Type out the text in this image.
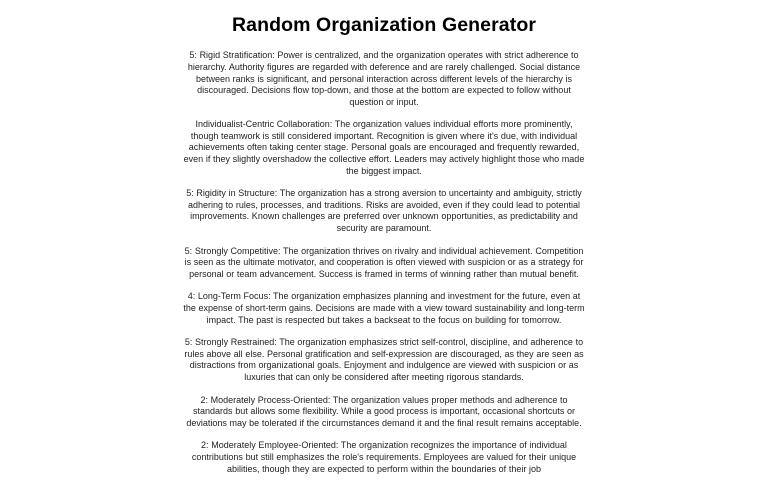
Random Organization Generator

5: Rigid Stratification: Power is centralized, and the organization operates with strict adherence to hierarchy. Authority figures are regarded with deference and are rarely challenged. Social distance between ranks is significant, and personal interaction across different levels of the hierarchy is discouraged. Decisions flow top-down, and those at the bottom are expected to follow without question or input.

Individualist-Centric Collaboration: The organization values individual efforts more prominently, though teamwork is still considered important. Recognition is given where it's due, with individual achievements often taking center stage. Personal goals are encouraged and frequently rewarded, even if they slightly overshadow the collective effort. Leaders may actively highlight those who made the biggest impact.

5: Rigidity in Structure: The organization has a strong aversion to uncertainty and ambiguity, strictly adhering to rules, processes, and traditions. Risks are avoided, even if they could lead to potential improvements. Known challenges are preferred over unknown opportunities, as predictability and security are paramount.

5: Strongly Competitive: The organization thrives on rivalry and individual achievement. Competition is seen as the ultimate motivator, and cooperation is often viewed with suspicion or as a strategy for personal or team advancement. Success is framed in terms of winning rather than mutual benefit.

4: Long-Term Focus: The organization emphasizes planning and investment for the future, even at the expense of short-term gains. Decisions are made with a view toward sustainability and long-term impact. The past is respected but takes a backseat to the focus on building for tomorrow.

5: Strongly Restrained: The organization emphasizes strict self-control, discipline, and adherence to rules above all else. Personal gratification and self-expression are discouraged, as they are seen as distractions from organizational goals. Enjoyment and indulgence are viewed with suspicion or as luxuries that can only be considered after meeting rigorous standards.

2: Moderately Process-Oriented: The organization values proper methods and adherence to standards but allows some flexibility. While a good process is important, occasional shortcuts or deviations may be tolerated if the circumstances demand it and the final result remains acceptable.

2: Moderately Employee-Oriented: The organization recognizes the importance of individual contributions but still emphasizes the role's requirements. Employees are valued for their unique abilities, though they are expected to perform within the boundaries of their job
